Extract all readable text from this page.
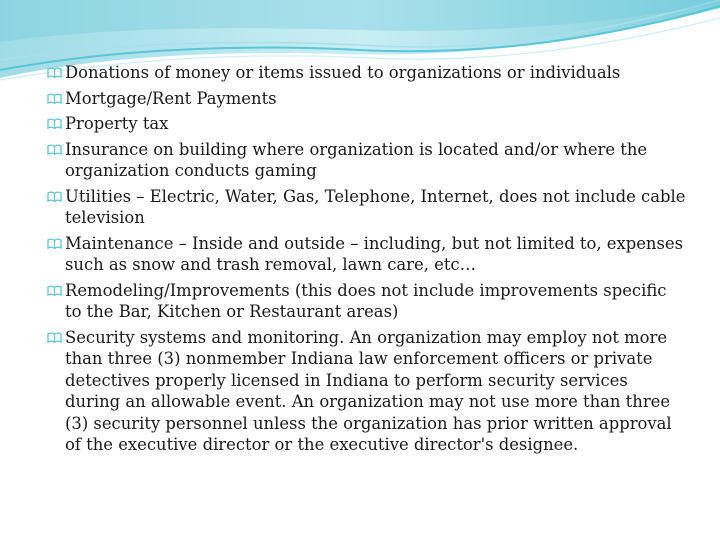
Donations of money or items issued to organizations or individuals
Mortgage/Rent Payments
Property tax
Insurance on building where organization is located and/or where the organization conducts gaming
Utilities – Electric, Water, Gas, Telephone, Internet, does not include cable television
Maintenance – Inside and outside – including, but not limited to, expenses such as snow and trash removal, lawn care, etc…
Remodeling/Improvements (this does not include improvements specific to the Bar, Kitchen or Restaurant areas)
Security systems and monitoring. An organization may employ not more than three (3) nonmember Indiana law enforcement officers or private detectives properly licensed in Indiana to perform security services during an allowable event. An organization may not use more than three (3) security personnel unless the organization has prior written approval of the executive director or the executive director's designee.
